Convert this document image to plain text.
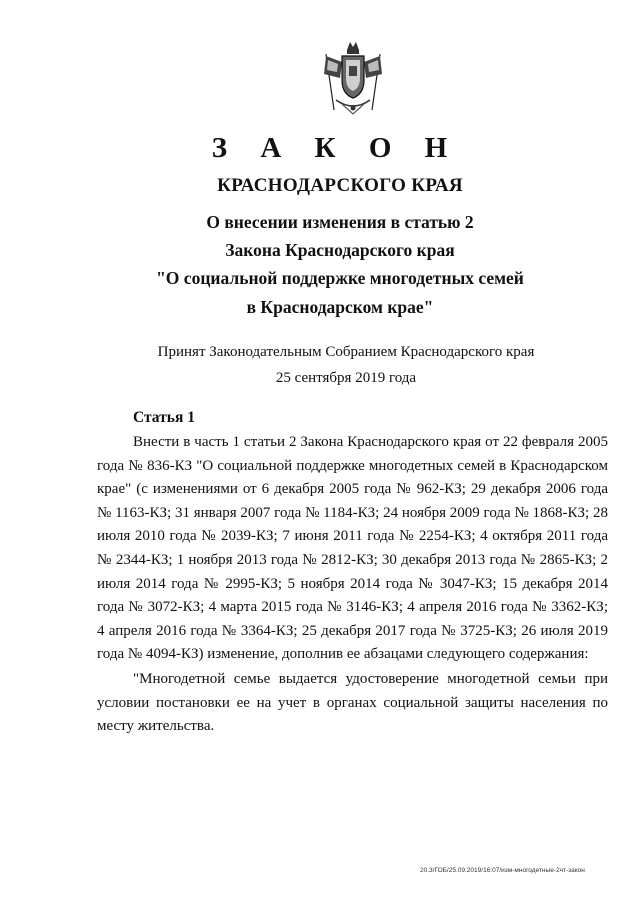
З А К О Н
КРАСНОДАРСКОГО КРАЯ
О внесении изменения в статью 2
Закона Краснодарского края
"О социальной поддержке многодетных семей
в Краснодарском крае"
Принят Законодательным Собранием Краснодарского края
25 сентября 2019 года
Статья 1

Внести в часть 1 статьи 2 Закона Краснодарского края от 22 февраля 2005 года № 836-КЗ "О социальной поддержке многодетных семей в Краснодарском крае" (с изменениями от 6 декабря 2005 года № 962-КЗ; 29 декабря 2006 года № 1163-КЗ; 31 января 2007 года № 1184-КЗ; 24 ноября 2009 года № 1868-КЗ; 28 июля 2010 года № 2039-КЗ; 7 июня 2011 года № 2254-КЗ; 4 октября 2011 года № 2344-КЗ; 1 ноября 2013 года № 2812-КЗ; 30 декабря 2013 года № 2865-КЗ; 2 июля 2014 года № 2995-КЗ; 5 ноября 2014 года № 3047-КЗ; 15 декабря 2014 года № 3072-КЗ; 4 марта 2015 года № 3146-КЗ; 4 апреля 2016 года № 3362-КЗ; 4 апреля 2016 года № 3364-КЗ; 25 декабря 2017 года № 3725-КЗ; 26 июля 2019 года № 4094-КЗ) изменение, дополнив ее абзацами следующего содержания:

"Многодетной семье выдается удостоверение многодетной семьи при условии постановки ее на учет в органах социальной защиты населения по месту жительства.

20.3/ГОБ/25.09.2019/16:07/изм-многодетные-2чт-закон
